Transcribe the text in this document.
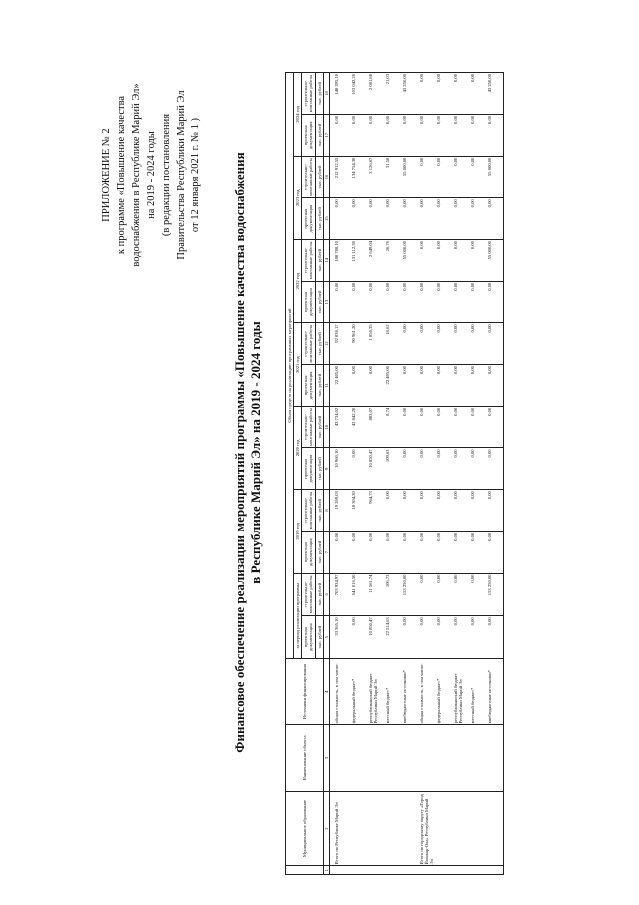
ПРИЛОЖЕНИЕ № 2 к программе «Повышение качества водоснабжения в Республике Марий Эл» на 2019 - 2024 годы (в редакции постановления Правительства Республики Марий Эл от 12 января 2021 г. № 1 ) Финансовое обеспечение реализации мероприятий программы «Повышение качества водоснабжения в Республике Марий Эл» на 2019 - 2024 годы
	Муниципальное образование	Наименование объекта	Источники финансирования	Объем средств на реализацию программных мероприятий													
				за период реализации программы		2019 год		2020 год		2021 год		2022 год		2023 год		2024 год	
				проектная документация	строительно-монтажные работы	проектная документация	строительно-монтажные работы	проектная документация	строительно-монтажные работы	проектная документация	строительно-монтажные работы	проектная документация	строительно-монтажные работы	проектная документация	строительно-монтажные работы	проектная документация	строительно-монтажные работы
				тыс. рублей	тыс. рублей	тыс. рублей	тыс. рублей	тыс. рублей	тыс. рублей	тыс. рублей	тыс. рублей	тыс. рублей	тыс. рублей	тыс. рублей	тыс. рублей	тыс. рублей	тыс. рублей
1	2	3	4	5	6	7	8	9	10	11	12	13	14	15	16	17	18
	Итого по Республике Марий Эл		общая стоимость, в том числе:	33 365,10	703 934,97	0,00	19 269,03	10 960,10	43 734,02	22 405,00	92 836,17	0,00	188 788,10	0,00	212 912,55	0,00	148 395,10
			федеральный бюджет*	0,00	541 016,50	0,00	18 304,30	0,00	42 842,20	0,00	90 961,20	0,00	131 112,30	0,00	134 754,30	0,00	103 042,20
			республиканский бюджет Республики Марий Эл	10 850,47	11 561,74	0,00	964,73	10 850,47	883,07	0,00	1 856,35	0,00	2 649,04	0,00	3 126,67	0,00	2 081,88
			местный бюджет*	22 514,63	106,73	0,00	0,00	109,63	8,74	22 405,00	18,62	0,00	26,76	0,00	31,58	0,00	21,03
			внебюджетные источники*	0,00	153 250,00	0,00	0,00	0,00	0,00	0,00	0,00	0,00	55 000,00	0,00	55 000,00	0,00	43 250,00
	Итого по городскому округу «Город Йошкар-Ола» Республики Марий Эл		общая стоимость, в том числе:	0,00	0,00	0,00	0,00	0,00	0,00	0,00	0,00	0,00	0,00	0,00	0,00	0,00	0,00
			федеральный бюджет*	0,00	0,00	0,00	0,00	0,00	0,00	0,00	0,00	0,00	0,00	0,00	0,00	0,00	0,00
			республиканский бюджет Республики Марий Эл	0,00	0,00	0,00	0,00	0,00	0,00	0,00	0,00	0,00	0,00	0,00	0,00	0,00	0,00
			местный бюджет*	0,00	0,00	0,00	0,00	0,00	0,00	0,00	0,00	0,00	0,00	0,00	0,00	0,00	0,00
			внебюджетные источники*	0,00	153 250,00	0,00	0,00	0,00	0,00	0,00	0,00	0,00	55 000,00	0,00	55 000,00	0,00	43 250,00
